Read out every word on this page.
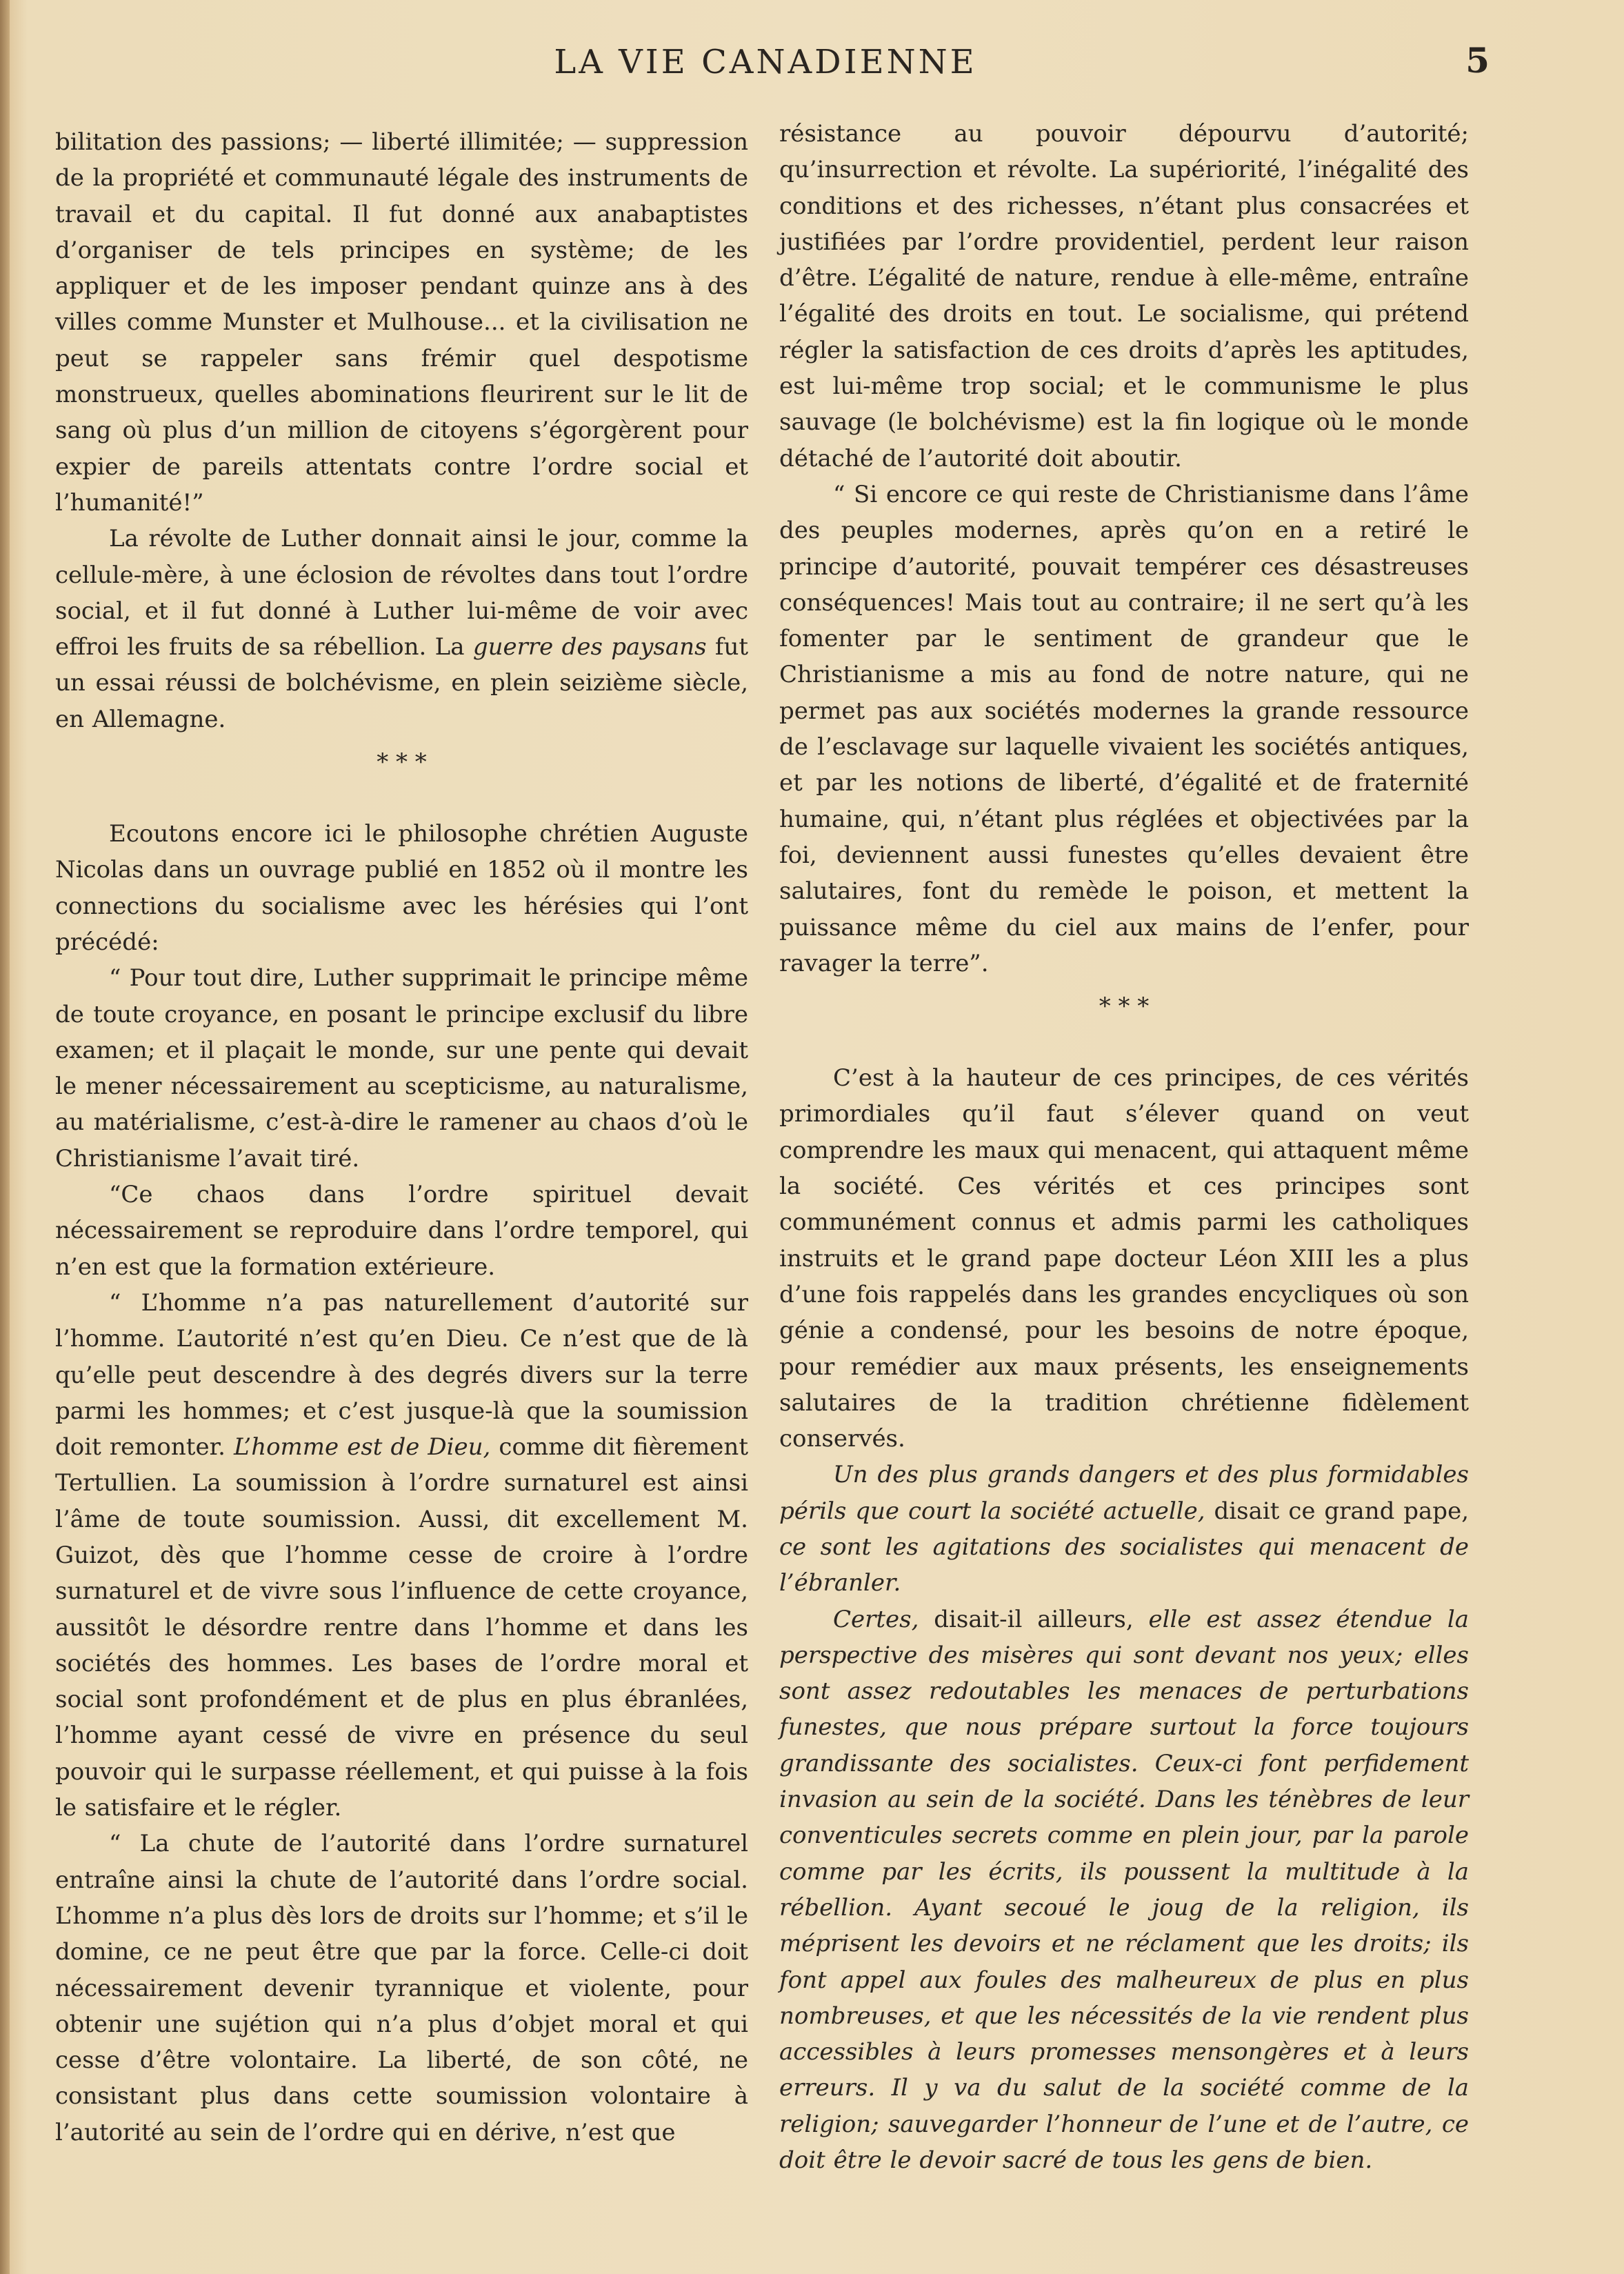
LA VIE CANADIENNE	5

bilitation des passions; — liberté illimitée; — suppression de la propriété et communauté légale des instruments de travail et du capital. Il fut donné aux anabaptistes d’organiser de tels principes en système; de les appliquer et de les imposer pendant quinze ans à des villes comme Munster et Mulhouse... et la civilisation ne peut se rappeler sans frémir quel despotisme monstrueux, quelles abominations fleurirent sur le lit de sang où plus d’un million de citoyens s’égorgèrent pour expier de pareils attentats contre l’ordre social et l’humanité!”

La révolte de Luther donnait ainsi le jour, comme la cellule-mère, à une éclosion de révoltes dans tout l’ordre social, et il fut donné à Luther lui-même de voir avec effroi les fruits de sa rébellion. La guerre des paysans fut un essai réussi de bolchévisme, en plein seizième siècle, en Allemagne.

* * *

Ecoutons encore ici le philosophe chrétien Auguste Nicolas dans un ouvrage publié en 1852 où il montre les connections du socialisme avec les hérésies qui l’ont précédé:

“ Pour tout dire, Luther supprimait le principe même de toute croyance, en posant le principe exclusif du libre examen; et il plaçait le monde, sur une pente qui devait le mener nécessairement au scepticisme, au naturalisme, au matérialisme, c’est-à-dire le ramener au chaos d’où le Christianisme l’avait tiré.

“Ce chaos dans l’ordre spirituel devait nécessairement se reproduire dans l’ordre temporel, qui n’en est que la formation extérieure.

“ L’homme n’a pas naturellement d’autorité sur l’homme. L’autorité n’est qu’en Dieu. Ce n’est que de là qu’elle peut descendre à des degrés divers sur la terre parmi les hommes; et c’est jusque-là que la soumission doit remonter. L’homme est de Dieu, comme dit fièrement Tertullien. La soumission à l’ordre surnaturel est ainsi l’âme de toute soumission. Aussi, dit excellement M. Guizot, dès que l’homme cesse de croire à l’ordre surnaturel et de vivre sous l’influence de cette croyance, aussitôt le désordre rentre dans l’homme et dans les sociétés des hommes. Les bases de l’ordre moral et social sont profondément et de plus en plus ébranlées, l’homme ayant cessé de vivre en présence du seul pouvoir qui le surpasse réellement, et qui puisse à la fois le satisfaire et le régler.

“ La chute de l’autorité dans l’ordre surnaturel entraîne ainsi la chute de l’autorité dans l’ordre social. L’homme n’a plus dès lors de droits sur l’homme; et s’il le domine, ce ne peut être que par la force. Celle-ci doit nécessairement devenir tyrannique et violente, pour obtenir une sujétion qui n’a plus d’objet moral et qui cesse d’être volontaire. La liberté, de son côté, ne consistant plus dans cette soumission volontaire à l’autorité au sein de l’ordre qui en dérive, n’est que

résistance au pouvoir dépourvu d’autorité; qu’insurrection et révolte. La supériorité, l’inégalité des conditions et des richesses, n’étant plus consacrées et justifiées par l’ordre providentiel, perdent leur raison d’être. L’égalité de nature, rendue à elle-même, entraîne l’égalité des droits en tout. Le socialisme, qui prétend régler la satisfaction de ces droits d’après les aptitudes, est lui-même trop social; et le communisme le plus sauvage (le bolchévisme) est la fin logique où le monde détaché de l’autorité doit aboutir.

“ Si encore ce qui reste de Christianisme dans l’âme des peuples modernes, après qu’on en a retiré le principe d’autorité, pouvait tempérer ces désastreuses conséquences! Mais tout au contraire; il ne sert qu’à les fomenter par le sentiment de grandeur que le Christianisme a mis au fond de notre nature, qui ne permet pas aux sociétés modernes la grande ressource de l’esclavage sur laquelle vivaient les sociétés antiques, et par les notions de liberté, d’égalité et de fraternité humaine, qui, n’étant plus réglées et objectivées par la foi, deviennent aussi funestes qu’elles devaient être salutaires, font du remède le poison, et mettent la puissance même du ciel aux mains de l’enfer, pour ravager la terre”.

* * *

C’est à la hauteur de ces principes, de ces vérités primordiales qu’il faut s’élever quand on veut comprendre les maux qui menacent, qui attaquent même la société. Ces vérités et ces principes sont communément connus et admis parmi les catholiques instruits et le grand pape docteur Léon XIII les a plus d’une fois rappelés dans les grandes encycliques où son génie a condensé, pour les besoins de notre époque, pour remédier aux maux présents, les enseignements salutaires de la tradition chrétienne fidèlement conservés.

Un des plus grands dangers et des plus formidables périls que court la société actuelle, disait ce grand pape, ce sont les agitations des socialistes qui menacent de l’ébranler.

Certes, disait-il ailleurs, elle est assez étendue la perspective des misères qui sont devant nos yeux; elles sont assez redoutables les menaces de perturbations funestes, que nous prépare surtout la force toujours grandissante des socialistes. Ceux-ci font perfidement invasion au sein de la société. Dans les ténèbres de leur conventicules secrets comme en plein jour, par la parole comme par les écrits, ils poussent la multitude à la rébellion. Ayant secoué le joug de la religion, ils méprisent les devoirs et ne réclament que les droits; ils font appel aux foules des malheureux de plus en plus nombreuses, et que les nécessités de la vie rendent plus accessibles à leurs promesses mensongères et à leurs erreurs. Il y va du salut de la société comme de la religion; sauvegarder l’honneur de l’une et de l’autre, ce doit être le devoir sacré de tous les gens de bien.
